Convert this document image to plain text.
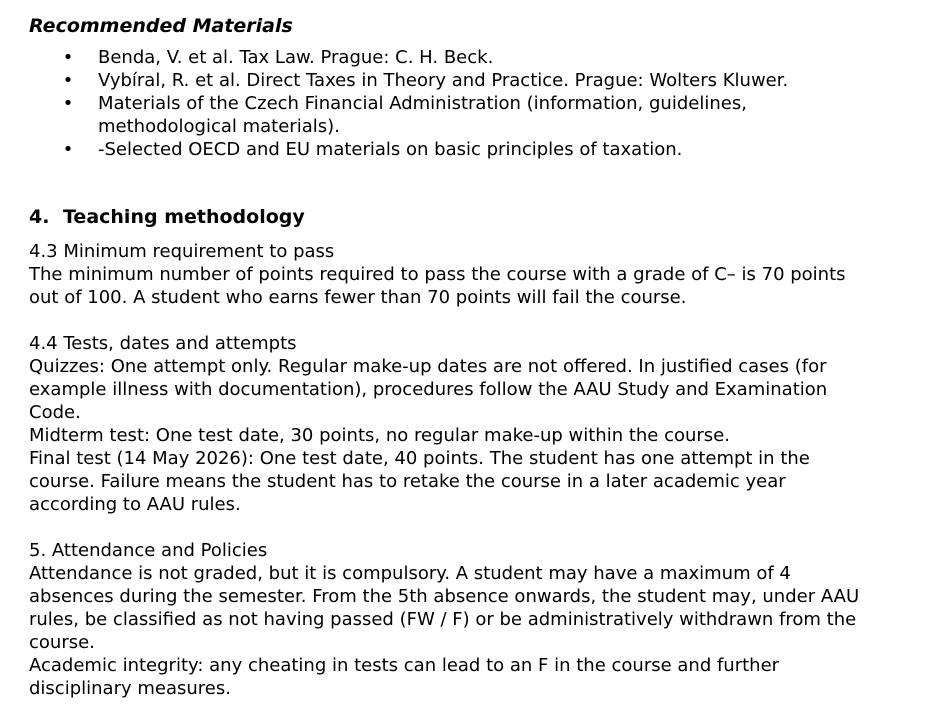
Recommended Materials
• Benda, V. et al. Tax Law. Prague: C. H. Beck.
• Vybíral, R. et al. Direct Taxes in Theory and Practice. Prague: Wolters Kluwer.
• Materials of the Czech Financial Administration (information, guidelines,
methodological materials).
• -Selected OECD and EU materials on basic principles of taxation.
4. Teaching methodology

4.3 Minimum requirement to pass

The minimum number of points required to pass the course with a grade of C– is 70 points

out of 100. A student who earns fewer than 70 points will fail the course.

4.4 Tests, dates and attempts

Quizzes: One attempt only. Regular make-up dates are not offered. In justified cases (for

example illness with documentation), procedures follow the AAU Study and Examination

Code.

Midterm test: One test date, 30 points, no regular make-up within the course.

Final test (14 May 2026): One test date, 40 points. The student has one attempt in the

course. Failure means the student has to retake the course in a later academic year

according to AAU rules.

5. Attendance and Policies

Attendance is not graded, but it is compulsory. A student may have a maximum of 4

absences during the semester. From the 5th absence onwards, the student may, under AAU

rules, be classified as not having passed (FW / F) or be administratively withdrawn from the

course.

Academic integrity: any cheating in tests can lead to an F in the course and further

disciplinary measures.
